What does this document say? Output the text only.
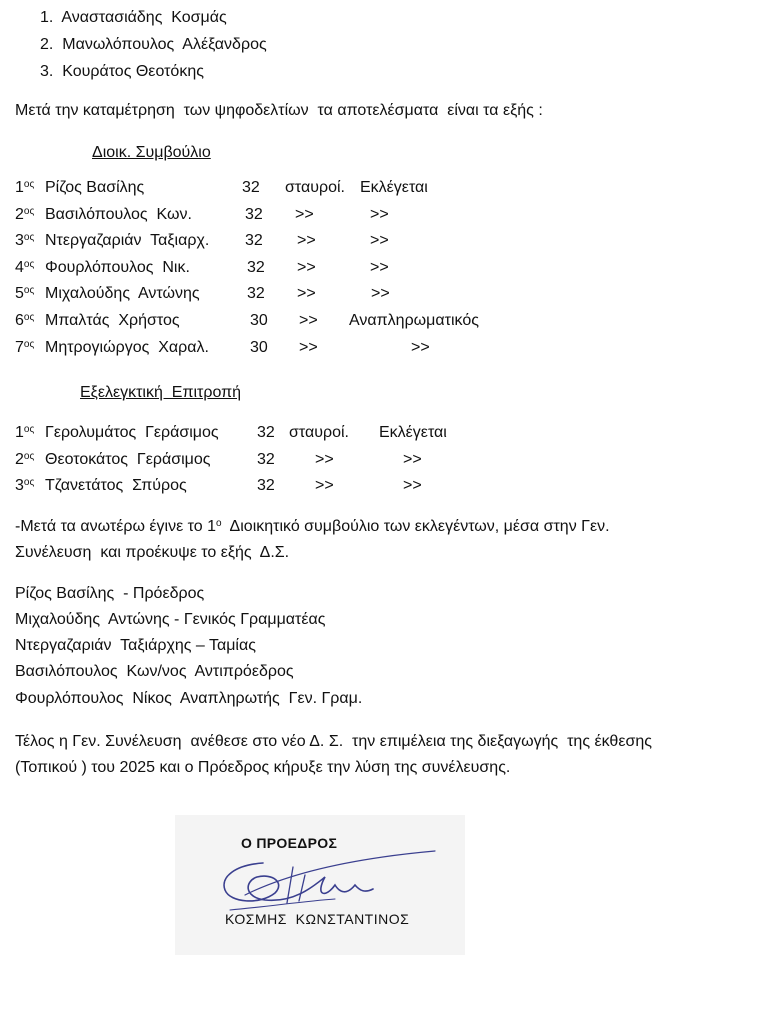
1. Αναστασιάδης  Κοσμάς
2. Μανωλόπουλος  Αλέξανδρος
3. Κουράτος Θεοτόκης
Μετά την καταμέτρηση  των ψηφοδελτίων  τα αποτελέσματα  είναι τα εξής :
Διοικ. Συμβούλιο
$1^{o\varsigma}$ Ρίζος Βασίλης	32 σταυροί. Εκλέγεται
$2^{o\varsigma}$ Βασιλόπουλος  Κων.	32 >>	>>
$3^{o\varsigma}$ Ντεργαζαριάν  Ταξιαρχ. 32 >>	>>
$4^{o\varsigma}$ Φουρλόπουλος  Νικ.	32 >>	>>
$5^{o\varsigma}$ Μιχαλούδης  Αντώνης	32 >>	>>
$6^{o\varsigma}$ Μπαλτάς  Χρήστος	30 >> Αναπληρωματικός
$7^{o\varsigma}$ Μητρογιώργος  Χαραλ.	30 >>	>>
Εξελεγκτική  Επιτροπή
$1^{o\varsigma}$ Γερολυμάτος  Γεράσιμος 32 σταυροί. Εκλέγεται
$2^{o\varsigma}$ Θεοτοκάτος  Γεράσιμος	32	>>	>>
$3^{o\varsigma}$ Τζανετάτος  Σπύρος	32	>>	>>
-Μετά τα ανωτέρω έγινε το $1^o$  Διοικητικό συμβούλιο των εκλεγέντων, μέσα στην Γεν.
Συνέλευση  και προέκυψε το εξής  Δ.Σ.
Ρίζος Βασίλης  - Πρόεδρος
Μιχαλούδης  Αντώνης - Γενικός Γραμματέας
Ντεργαζαριάν  Ταξιάρχης – Ταμίας
Βασιλόπουλος  Κων/νος  Αντιπρόεδρος
Φουρλόπουλος  Νίκος  Αναπληρωτής  Γεν. Γραμ.
Τέλος η Γεν. Συνέλευση  ανέθεσε στο νέο Δ. Σ.  την επιμέλεια της διεξαγωγής  της έκθεσης
(Τοπικού ) του 2025 και ο Πρόεδρος κήρυξε την λύση της συνέλευσης.
Ο ΠΡΟΕΔΡΟΣ
ΚΟΣΜΗΣ  ΚΩΝΣΤΑΝΤΙΝΟΣ
